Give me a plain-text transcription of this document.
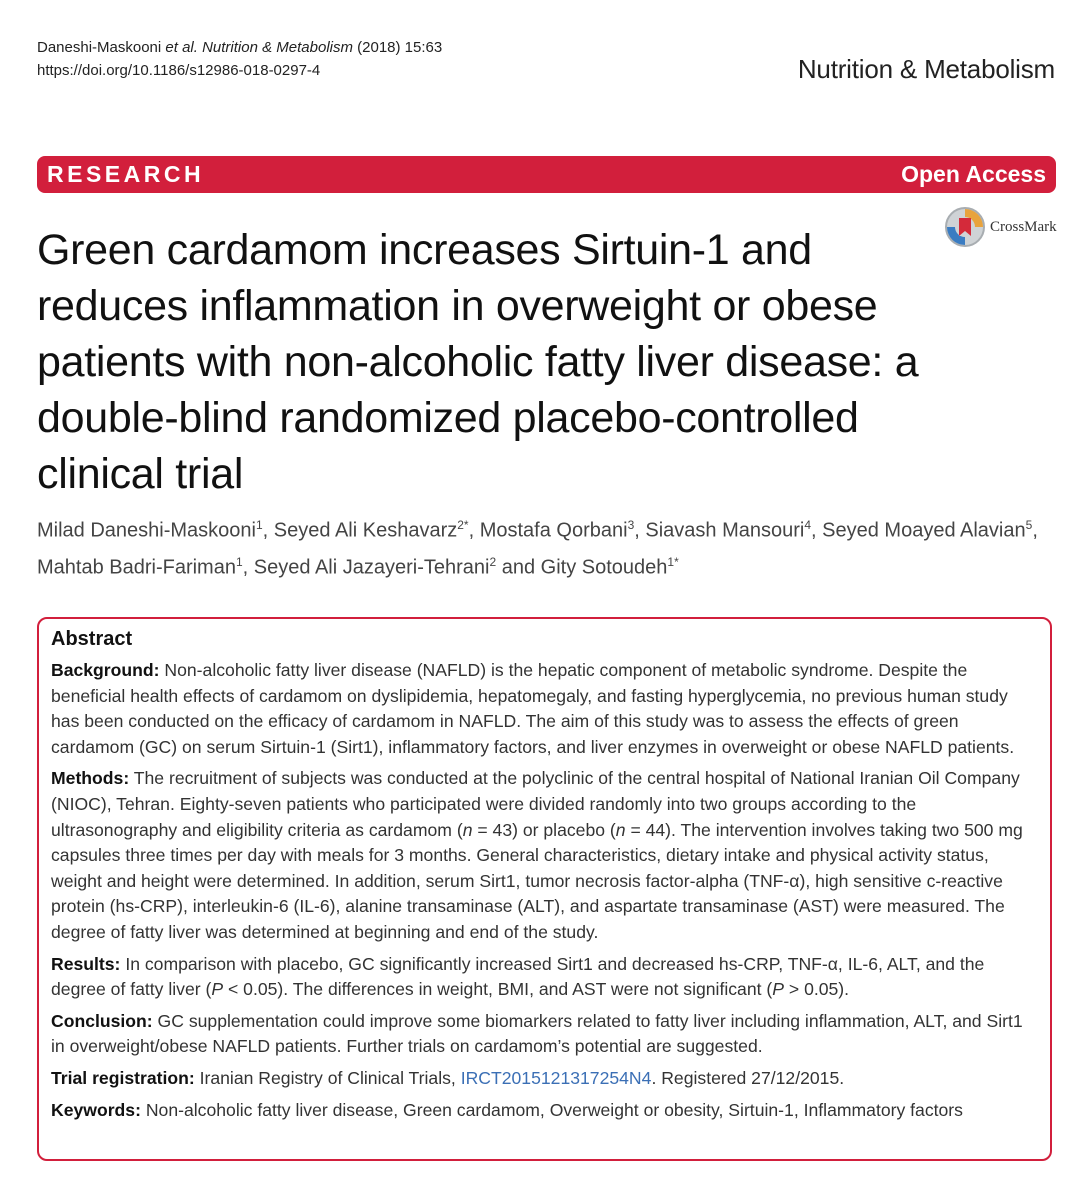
Daneshi-Maskooni et al. Nutrition & Metabolism (2018) 15:63
https://doi.org/10.1186/s12986-018-0297-4	Nutrition & Metabolism
RESEARCH	Open Access
CrossMark
Green cardamom increases Sirtuin-1 and reduces inflammation in overweight or obese patients with non-alcoholic fatty liver disease: a double-blind randomized placebo-controlled clinical trial
Milad Daneshi-Maskooni$^1$, Seyed Ali Keshavarz$^{2*}$, Mostafa Qorbani$^3$, Siavash Mansouri$^4$, Seyed Moayed Alavian$^5$, Mahtab Badri-Fariman$^1$, Seyed Ali Jazayeri-Tehrani$^2$ and Gity Sotoudeh$^{1*}$
Abstract

Background: Non-alcoholic fatty liver disease (NAFLD) is the hepatic component of metabolic syndrome. Despite the beneficial health effects of cardamom on dyslipidemia, hepatomegaly, and fasting hyperglycemia, no previous human study has been conducted on the efficacy of cardamom in NAFLD. The aim of this study was to assess the effects of green cardamom (GC) on serum Sirtuin-1 (Sirt1), inflammatory factors, and liver enzymes in overweight or obese NAFLD patients.

Methods: The recruitment of subjects was conducted at the polyclinic of the central hospital of National Iranian Oil Company (NIOC), Tehran. Eighty-seven patients who participated were divided randomly into two groups according to the ultrasonography and eligibility criteria as cardamom (n = 43) or placebo (n = 44). The intervention involves taking two 500 mg capsules three times per day with meals for 3 months. General characteristics, dietary intake and physical activity status, weight and height were determined. In addition, serum Sirt1, tumor necrosis factor-alpha (TNF-α), high sensitive c-reactive protein (hs-CRP), interleukin-6 (IL-6), alanine transaminase (ALT), and aspartate transaminase (AST) were measured. The degree of fatty liver was determined at beginning and end of the study.

Results: In comparison with placebo, GC significantly increased Sirt1 and decreased hs-CRP, TNF-α, IL-6, ALT, and the degree of fatty liver (P < 0.05). The differences in weight, BMI, and AST were not significant (P > 0.05).

Conclusion: GC supplementation could improve some biomarkers related to fatty liver including inflammation, ALT, and Sirt1 in overweight/obese NAFLD patients. Further trials on cardamom’s potential are suggested.

Trial registration: Iranian Registry of Clinical Trials, IRCT2015121317254N4. Registered 27/12/2015.

Keywords: Non-alcoholic fatty liver disease, Green cardamom, Overweight or obesity, Sirtuin-1, Inflammatory factors
